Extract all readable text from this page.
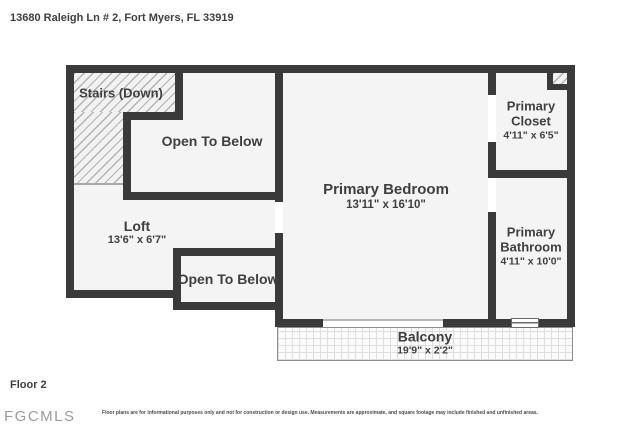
13680 Raleigh Ln # 2, Fort Myers, FL 33919
Stairs (Down)
Open To Below
Loft
13'6" x 6'7"
Open To Below
Primary Bedroom
13'11" x 16'10"
Primary Closet
4'11" x 6'5"
Primary Bathroom
4'11" x 10'0"
Balcony
19'9" x 2'2"
Floor 2
FGCMLS	Floor plans are for informational purposes only and not for construction or design use. Measurements are approximate, and square footage may include finished and unfinished areas.
